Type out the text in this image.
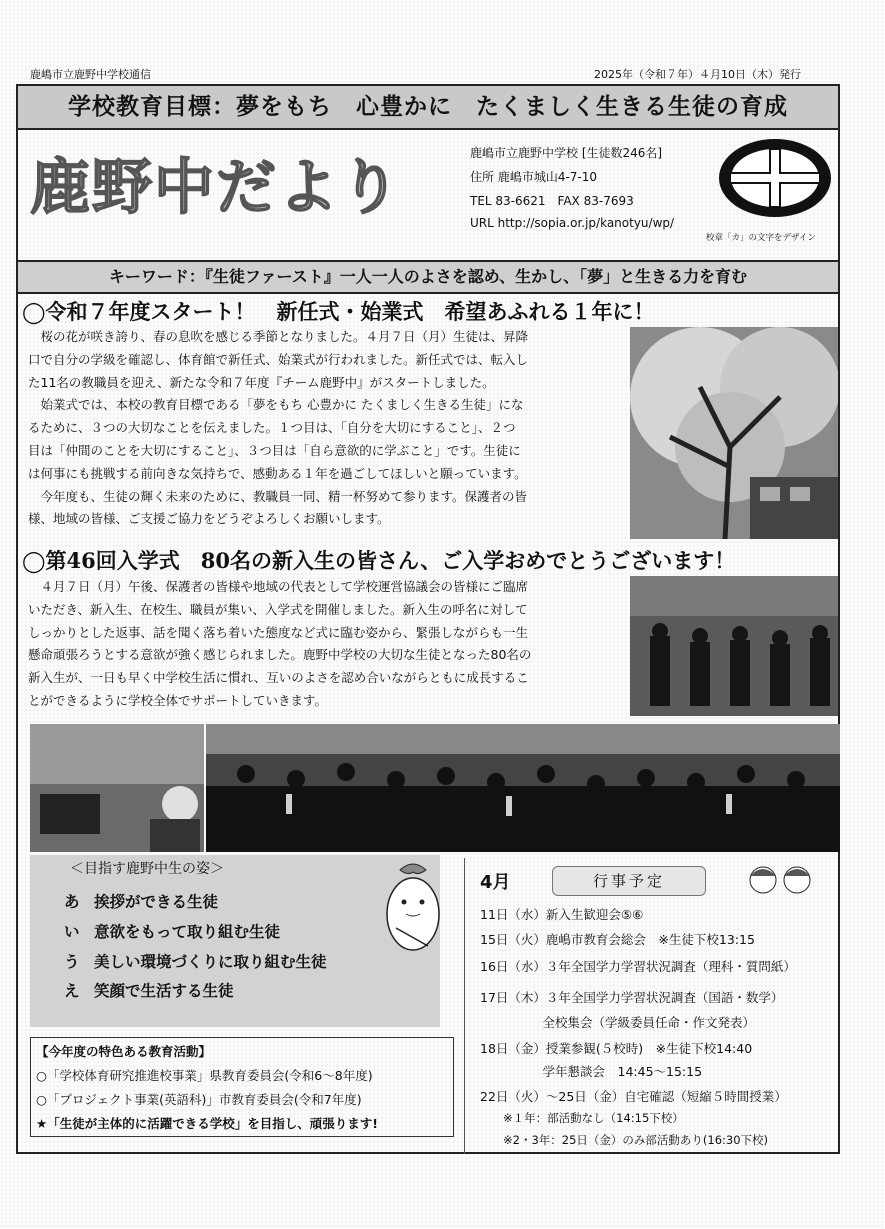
鹿嶋市立鹿野中学校通信	2025年（令和７年）４月10日（木）発行
学校教育目標：夢をもち　心豊かに　たくましく生きる生徒の育成
鹿野中だより	鹿嶋市立鹿野中学校 [生徒数246名]
住所 鹿嶋市城山4-7-10
TEL 83-6621　FAX 83-7693
URL http://sopia.or.jp/kanotyu/wp/
校章「カ」の文字をデザイン
キーワード：『生徒ファースト』一人一人のよさを認め、生かし、「夢」と生きる力を育む
◯令和７年度スタート！　新任式・始業式　希望あふれる１年に！
　桜の花が咲き誇り、春の息吹を感じる季節となりました。４月７日（月）生徒は、昇降
口で自分の学級を確認し、体育館で新任式、始業式が行われました。新任式では、転入し
た11名の教職員を迎え、新たな令和７年度『チーム鹿野中』がスタートしました。
　始業式では、本校の教育目標である「夢をもち 心豊かに たくましく生きる生徒」にな
るために、３つの大切なことを伝えました。１つ目は、「自分を大切にすること」、２つ
目は「仲間のことを大切にすること」、３つ目は「自ら意欲的に学ぶこと」です。生徒に
は何事にも挑戦する前向きな気持ちで、感動ある１年を過ごしてほしいと願っています。
　今年度も、生徒の輝く未来のために、教職員一同、精一杯努めて参ります。保護者の皆
様、地域の皆様、ご支援ご協力をどうぞよろしくお願いします。
◯第46回入学式　80名の新入生の皆さん、ご入学おめでとうございます！
　４月７日（月）午後、保護者の皆様や地域の代表として学校運営協議会の皆様にご臨席
いただき、新入生、在校生、職員が集い、入学式を開催しました。新入生の呼名に対して
しっかりとした返事、話を聞く落ち着いた態度など式に臨む姿から、緊張しながらも一生
懸命頑張ろうとする意欲が強く感じられました。鹿野中学校の大切な生徒となった80名の
新入生が、一日も早く中学校生活に慣れ、互いのよさを認め合いながらともに成長するこ
とができるように学校全体でサポートしていきます。
＜目指す鹿野中生の姿＞
あ 挨拶ができる生徒
い 意欲をもって取り組む生徒
う 美しい環境づくりに取り組む生徒
え 笑顔で生活する生徒
【今年度の特色ある教育活動】
○「学校体育研究推進校事業」県教育委員会(令和6～8年度)
○「プロジェクト事業(英語科)」市教育委員会(令和7年度)
★「生徒が主体的に活躍できる学校」を目指し、頑張ります!
4月	行事予定
11日（水）新入生歓迎会⑤⑥
15日（火）鹿嶋市教育会総会　※生徒下校13:15
16日（水）３年全国学力学習状況調査（理科・質問紙）
17日（木）３年全国学力学習状況調査（国語・数学）
　　　　　全校集会（学級委員任命・作文発表）
18日（金）授業参観(５校時)　※生徒下校14:40
　　　　　学年懇談会　14:45～15:15
22日（火）～25日（金）自宅確認（短縮５時間授業）
　　※１年：部活動なし（14:15下校）
　　※2・3年：25日（金）のみ部活動あり(16:30下校)
